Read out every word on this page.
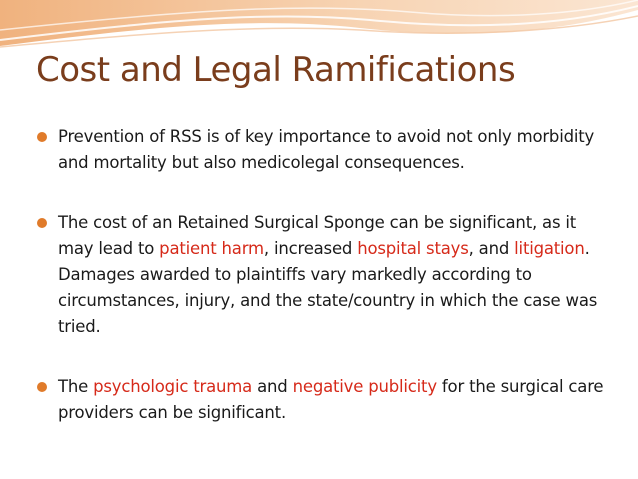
Cost and Legal Ramifications
Prevention of RSS is of key importance to avoid not only morbidity and mortality but also medicolegal consequences.
The cost of an Retained Surgical Sponge can be significant, as it may lead to patient harm, increased hospital stays, and litigation. Damages awarded to plaintiffs vary markedly according to circumstances, injury, and the state/country in which the case was tried.
The psychologic trauma and negative publicity for the surgical care providers can be significant.
